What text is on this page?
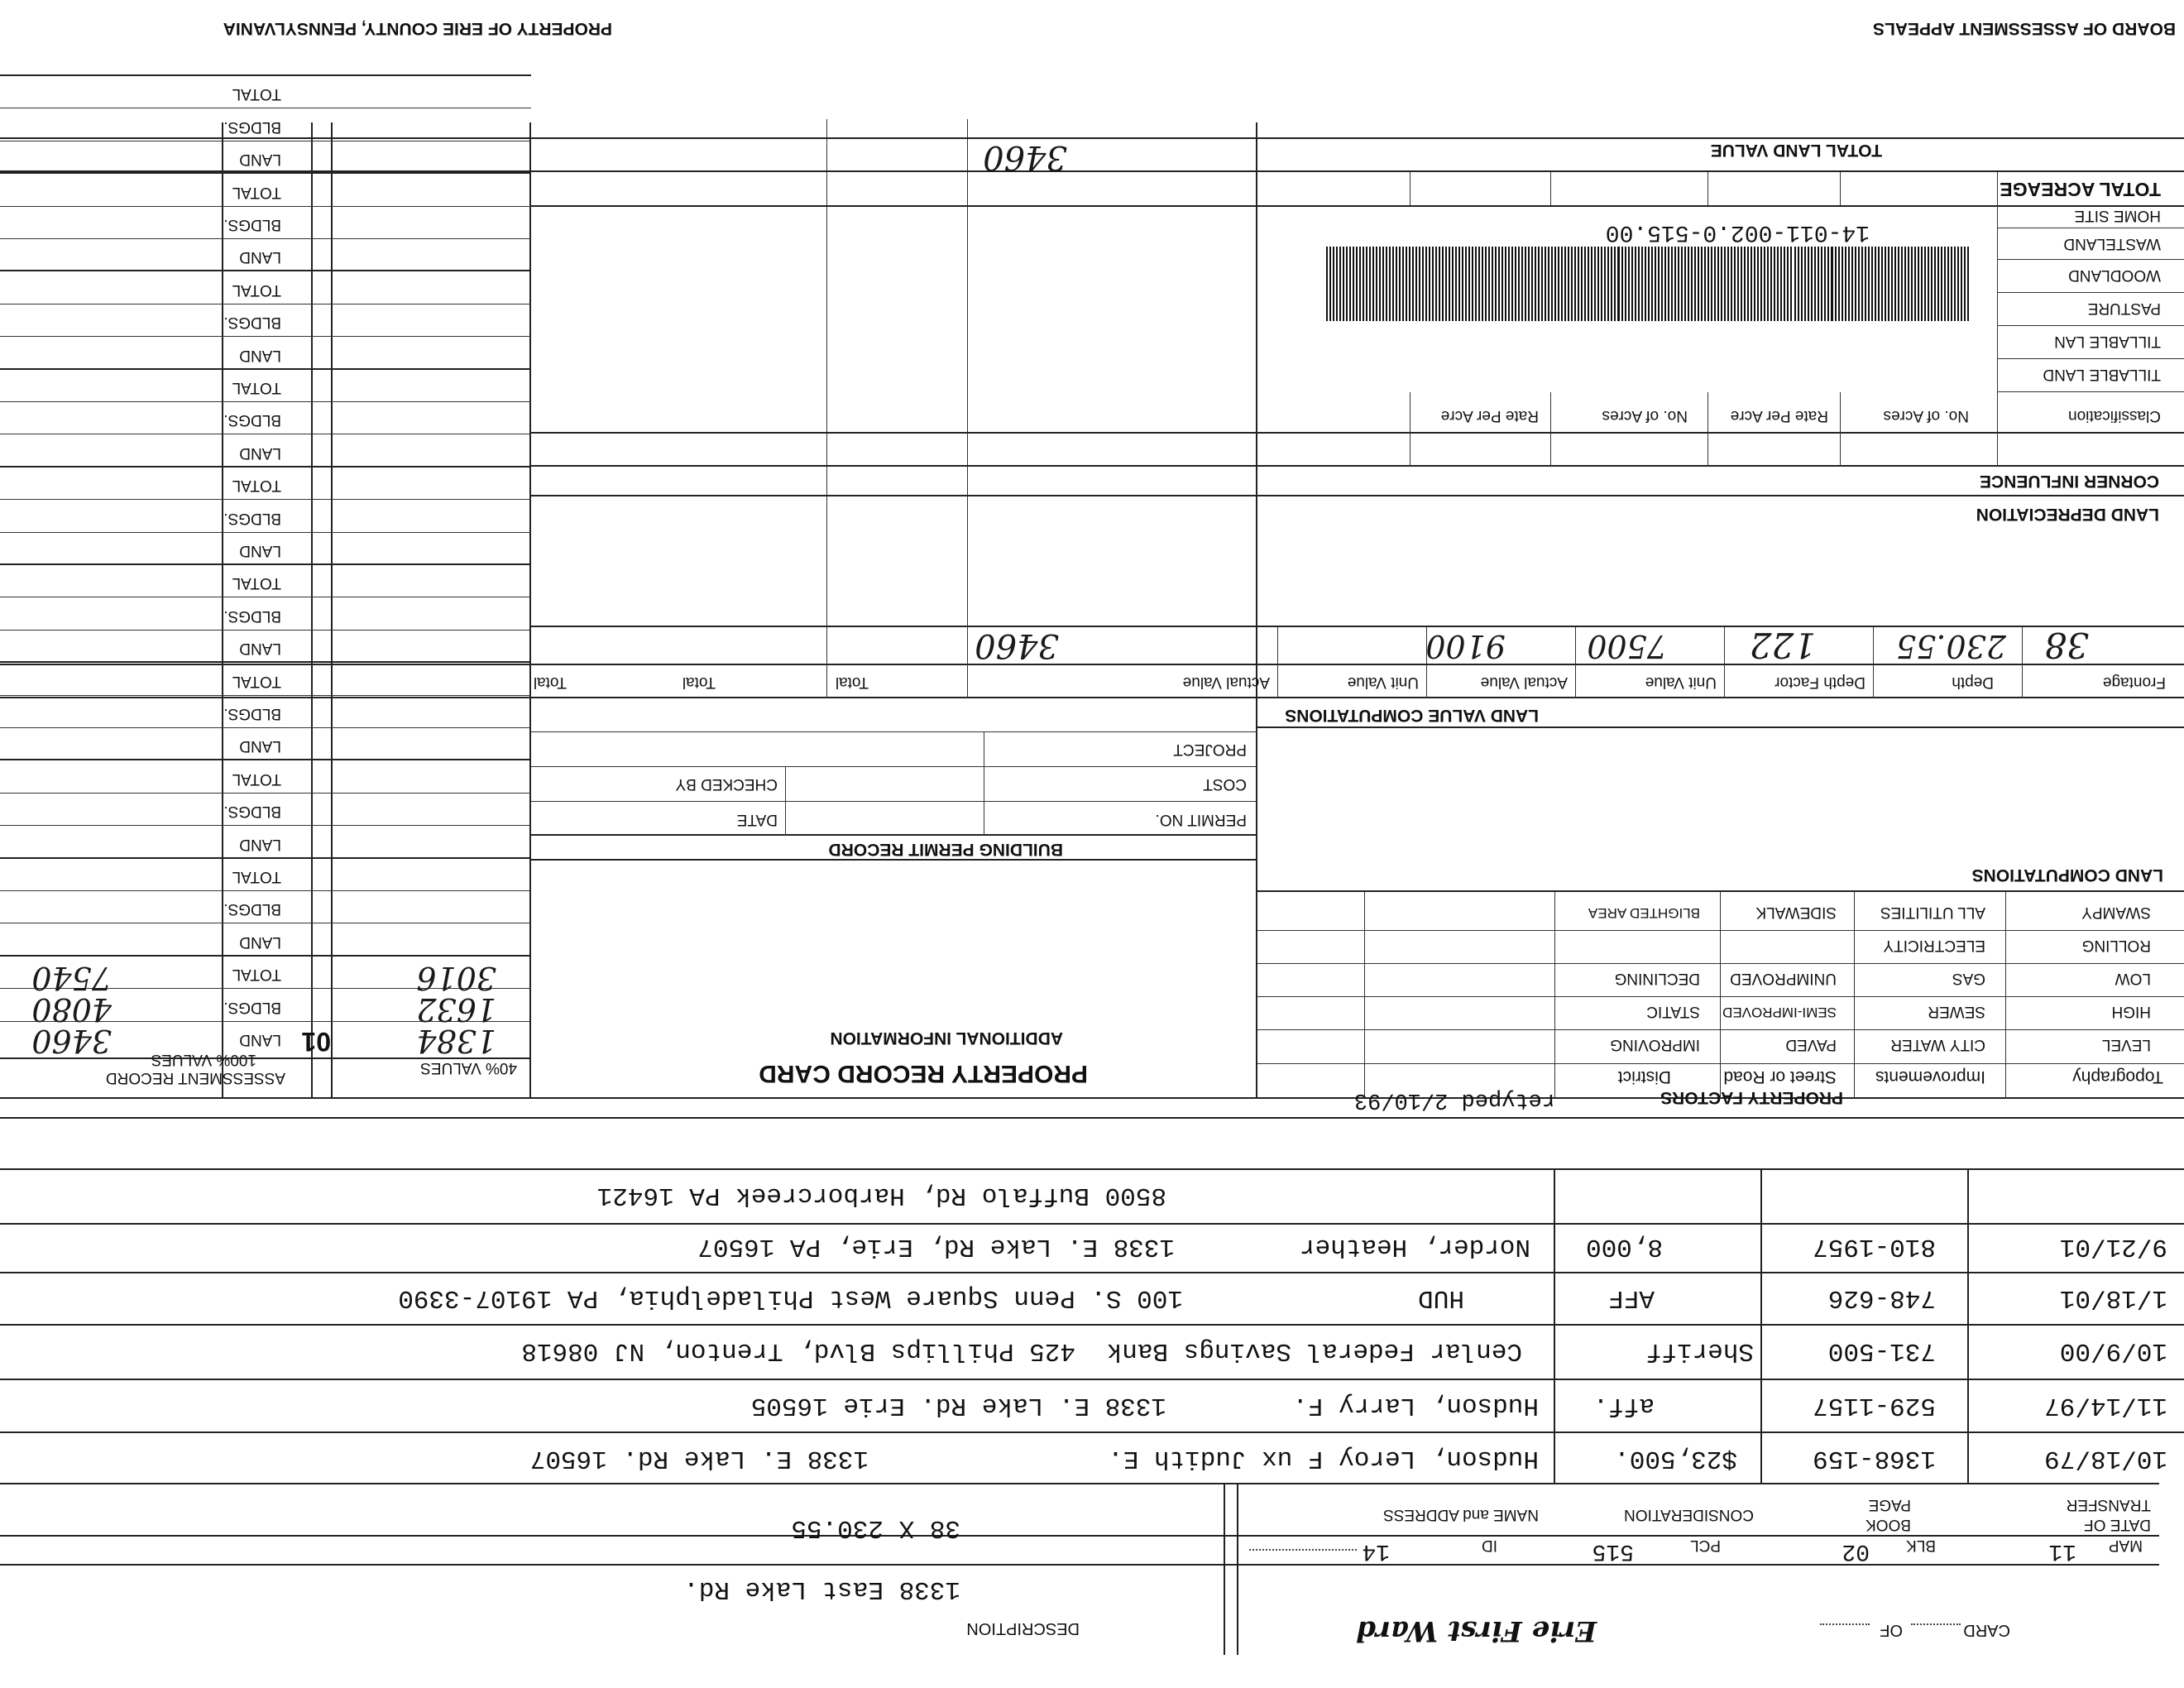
BOARD OF ASSESSMENT APPEALS
PROPERTY OF ERIE COUNTY, PENNSYLVANIA
CARD
OF
Erie First Ward
DESCRIPTION
1338 East Lake Rd.
38 X 230.55
MAP
11
BLK
02
PCL
515
ID
14
DATE OF
TRANSFER
BOOK
PAGE
CONSIDERATION
NAME and ADDRESS
10/18/79
1368-159
$23,500.
Hudson, Leroy F ux Judith E.
1338 E. Lake Rd. 16507
11/14/97
529-1157
aff.
Hudson, Larry F.
1338 E. Lake Rd. Erie 16505
10/9/00
731-500
Sheriff
Cenlar Federal Savings Bank
425 Phillips Blvd, Trenton, NJ 08618
1/18/01
748-626
AFF
HUD
100 S. Penn Square West Philadelphia, PA 19107-3390
9/21/01
810-1957
8,000
Norder, Heather
1338 E. Lake Rd, Erie, PA 16507
8500 Buffalo Rd, Harborcreek PA 16421
PROPERTY FACTORS
retyped 2/10/93
Topography
Improvements
Street or Road
District
LEVEL
HIGH
LOW
ROLLING
SWAMPY
CITY WATER
SEWER
GAS
ELECTRICITY
ALL UTILITIES
PAVED
SEMI-IMPROVED
UNIMPROVED
SIDEWALK
IMPROVING
STATIC
DECLINING
BLIGHTED AREA
LAND COMPUTATIONS
LAND VALUE COMPUTATIONS
Frontage
Depth
Depth Factor
Unit Value
Actual Value
Unit Value
Actual Value
Total
Total
Total
38
230.55
122
7500
9100
3460
LAND DEPRECIATION
CORNER INFLUENCE
Classification
No. of Acres
Rate Per Acre
No. of Acres
Rate Per Acre
TILLABLE LAND
TILLABLE LAN
PASTURE
WOODLAND
WASTELAND
HOME SITE
TOTAL ACREAGE
14-011-002.0-515.00
TOTAL LAND VALUE
3460
PROPERTY RECORD CARD
ADDITIONAL INFORMATION
BUILDING PERMIT RECORD
PERMIT NO.
DATE
COST
CHECKED BY
PROJECT
40% VALUES
ASSESSMENT RECORD
100% VALUES
01
LAND
BLDGS.
TOTAL
LAND
BLDGS.
TOTAL
LAND
BLDGS.
TOTAL
LAND
BLDGS.
TOTAL
LAND
BLDGS.
TOTAL
LAND
BLDGS.
TOTAL
LAND
BLDGS.
TOTAL
LAND
BLDGS.
TOTAL
LAND
BLDGS.
TOTAL
LAND
BLDGS.
TOTAL
1384
1632
3016
3460
4080
7540
